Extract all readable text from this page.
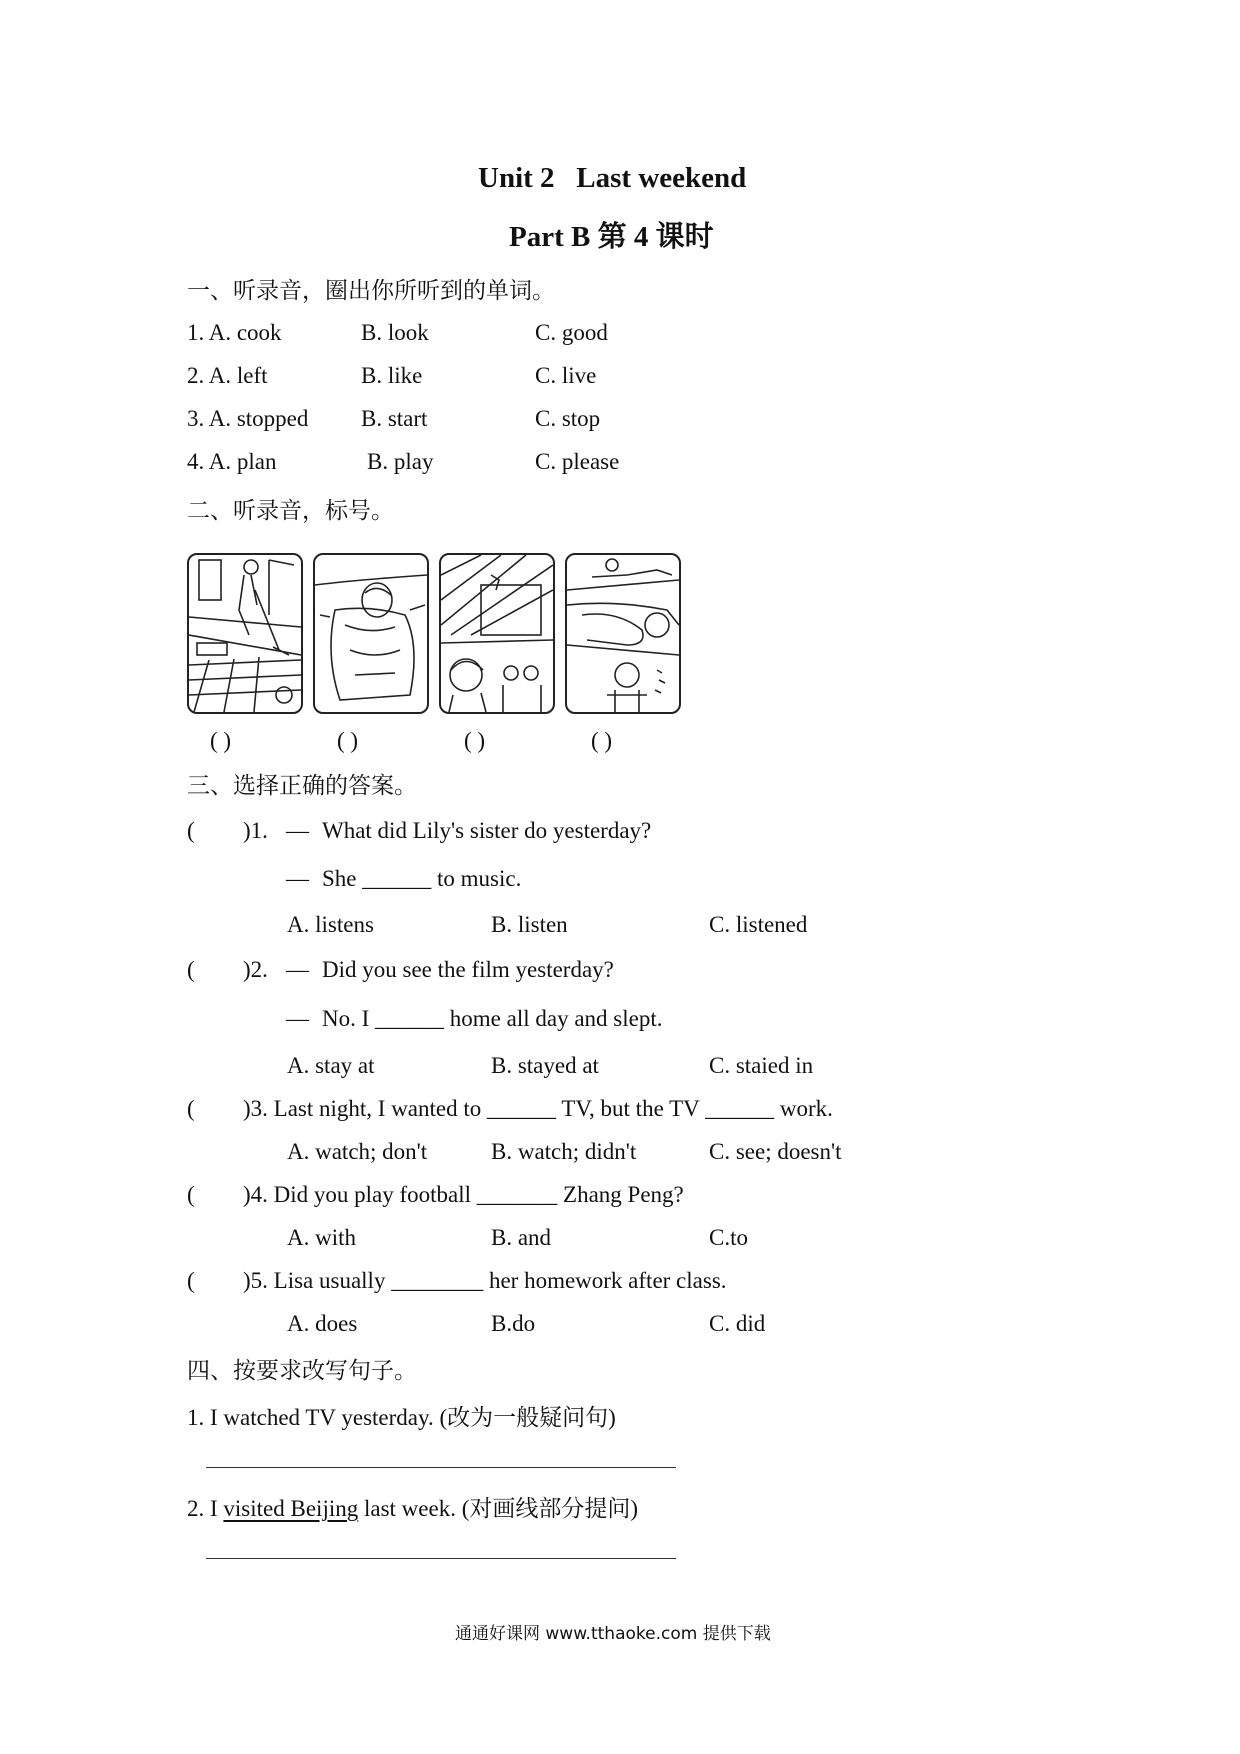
Unit 2   Last weekend
Part B 第 4 课时
一、听录音，圈出你所听到的单词。
1. A. cook	B. look	C. good
2. A. left	B. like	C. live
3. A. stopped B. start	C. stop
4. A. plan	B. play	C. please
二、听录音，标号。
( )	( )	( )	( )
三、选择正确的答案。
( )1. — What did Lily's sister do yesterday?
— She ______ to music.
A. listens	B. listen	C. listened
( )2. — Did you see the film yesterday?
— No. I ______ home all day and slept.
A. stay at	B. stayed at	C. staied in
( )3. Last night, I wanted to ______ TV, but the TV ______ work.
A. watch; don't	B. watch; didn't	C. see; doesn't
( )4. Did you play football _______ Zhang Peng?
A. with	B. and	C.to
( )5. Lisa usually ________ her homework after class.
A. does	B.do	C. did
四、按要求改写句子。
1. I watched TV yesterday. (改为一般疑问句)
2. I visited Beijing last week. (对画线部分提问)
通通好课网 www.tthaoke.com 提供下载
